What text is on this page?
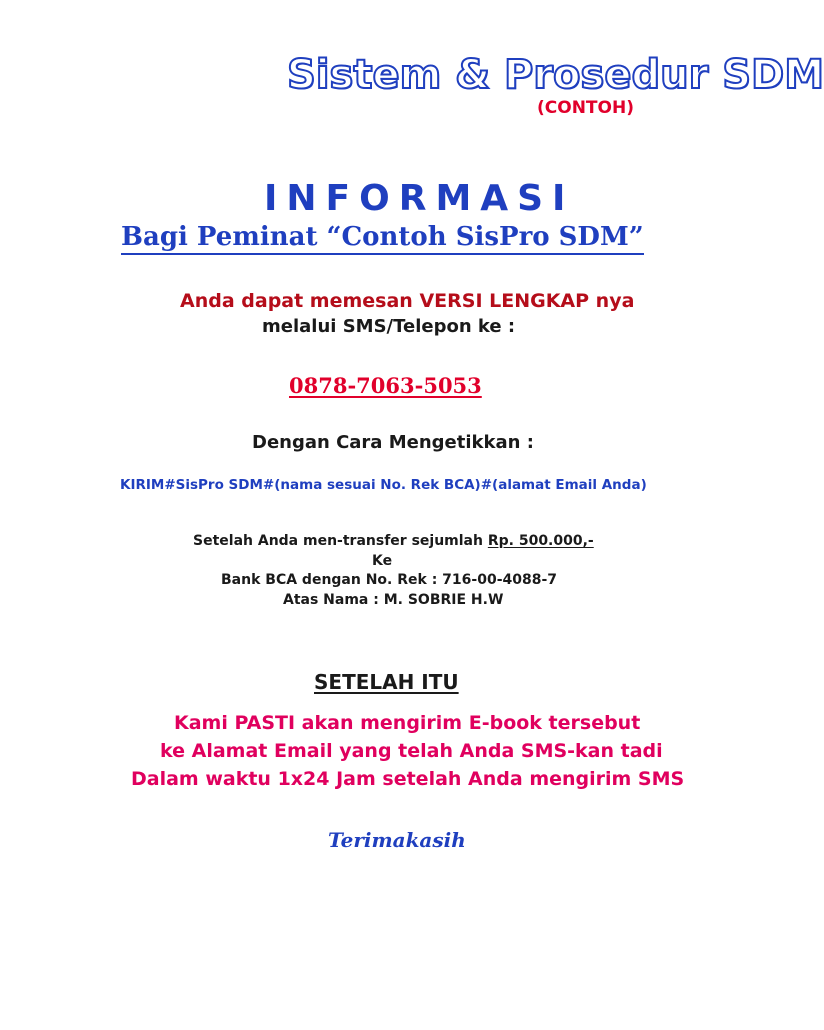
Sistem & Prosedur SDM
(CONTOH)
INFORMASI
Bagi Peminat “Contoh SisPro SDM”
Anda dapat memesan VERSI LENGKAP nya
melalui SMS/Telepon ke :
0878-7063-5053
Dengan Cara Mengetikkan :
KIRIM#SisPro SDM#(nama sesuai No. Rek BCA)#(alamat Email Anda)
Setelah Anda men-transfer sejumlah Rp. 500.000,-
Ke
Bank BCA dengan No. Rek : 716-00-4088-7
Atas Nama : M. SOBRIE H.W
SETELAH ITU
Kami PASTI akan mengirim E-book tersebut
ke Alamat Email yang telah Anda SMS-kan tadi
Dalam waktu 1x24 Jam setelah Anda mengirim SMS
Terimakasih
